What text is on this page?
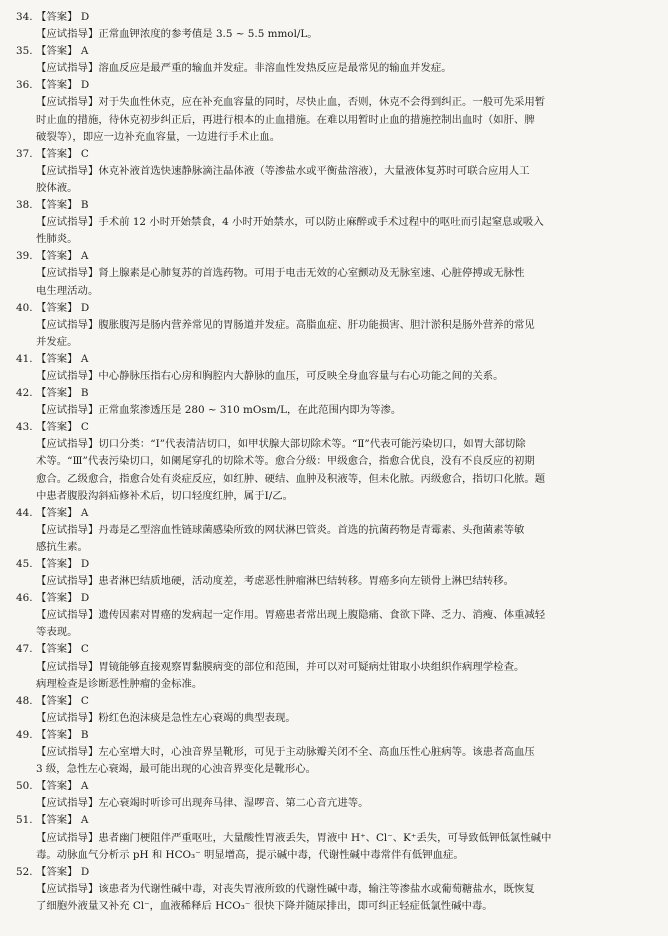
34. 【答案】 D
【应试指导】正常血钾浓度的参考值是 3.5 ~ 5.5 mmol/L。
35. 【答案】 A
【应试指导】溶血反应是最严重的输血并发症。非溶血性发热反应是最常见的输血并发症。
36. 【答案】 D
【应试指导】对于失血性休克，应在补充血容量的同时，尽快止血，否则，休克不会得到纠正。一般可先采用暂
时止血的措施，待休克初步纠正后，再进行根本的止血措施。在难以用暂时止血的措施控制出血时（如肝、脾
破裂等），即应一边补充血容量，一边进行手术止血。
37. 【答案】 C
【应试指导】休克补液首选快速静脉滴注晶体液（等渗盐水或平衡盐溶液），大量液体复苏时可联合应用人工
胶体液。
38. 【答案】 B
【应试指导】手术前 12 小时开始禁食，4 小时开始禁水，可以防止麻醉或手术过程中的呕吐而引起窒息或吸入
性肺炎。
39. 【答案】 A
【应试指导】肾上腺素是心肺复苏的首选药物。可用于电击无效的心室颤动及无脉室速、心脏停搏或无脉性
电生理活动。
40. 【答案】 D
【应试指导】腹胀腹泻是肠内营养常见的胃肠道并发症。高脂血症、肝功能损害、胆汁淤积是肠外营养的常见
并发症。
41. 【答案】 A
【应试指导】中心静脉压指右心房和胸腔内大静脉的血压，可反映全身血容量与右心功能之间的关系。
42. 【答案】 B
【应试指导】正常血浆渗透压是 280 ~ 310 mOsm/L，在此范围内即为等渗。
43. 【答案】 C
【应试指导】切口分类：“Ⅰ”代表清洁切口，如甲状腺大部切除术等。“Ⅱ”代表可能污染切口，如胃大部切除
术等。“Ⅲ”代表污染切口，如阑尾穿孔的切除术等。愈合分级：甲级愈合，指愈合优良，没有不良反应的初期
愈合。乙级愈合，指愈合处有炎症反应，如红肿、硬结、血肿及积液等，但未化脓。丙级愈合，指切口化脓。题
中患者腹股沟斜疝修补术后，切口轻度红肿，属于Ⅰ/乙。
44. 【答案】 A
【应试指导】丹毒是乙型溶血性链球菌感染所致的网状淋巴管炎。首选的抗菌药物是青霉素、头孢菌素等敏
感抗生素。
45. 【答案】 D
【应试指导】患者淋巴结质地硬，活动度差，考虑恶性肿瘤淋巴结转移。胃癌多向左锁骨上淋巴结转移。
46. 【答案】 D
【应试指导】遗传因素对胃癌的发病起一定作用。胃癌患者常出现上腹隐痛、食欲下降、乏力、消瘦、体重减轻
等表现。
47. 【答案】 C
【应试指导】胃镜能够直接观察胃黏膜病变的部位和范围，并可以对可疑病灶钳取小块组织作病理学检查。
病理检查是诊断恶性肿瘤的金标准。
48. 【答案】 C
【应试指导】粉红色泡沫痰是急性左心衰竭的典型表现。
49. 【答案】 B
【应试指导】左心室增大时，心浊音界呈靴形，可见于主动脉瓣关闭不全、高血压性心脏病等。该患者高血压
3 级，急性左心衰竭，最可能出现的心浊音界变化是靴形心。
50. 【答案】 A
【应试指导】左心衰竭时听诊可出现奔马律、湿啰音、第二心音亢进等。
51. 【答案】 A
【应试指导】患者幽门梗阻伴严重呕吐，大量酸性胃液丢失，胃液中 H⁺、Cl⁻、K⁺丢失，可导致低钾低氯性碱中
毒。动脉血气分析示 pH 和 HCO₃⁻ 明显增高，提示碱中毒，代谢性碱中毒常伴有低钾血症。
52. 【答案】 D
【应试指导】该患者为代谢性碱中毒，对丧失胃液所致的代谢性碱中毒，输注等渗盐水或葡萄糖盐水，既恢复
了细胞外液量又补充 Cl⁻，血液稀释后 HCO₃⁻ 很快下降并随尿排出，即可纠正轻症低氯性碱中毒。
